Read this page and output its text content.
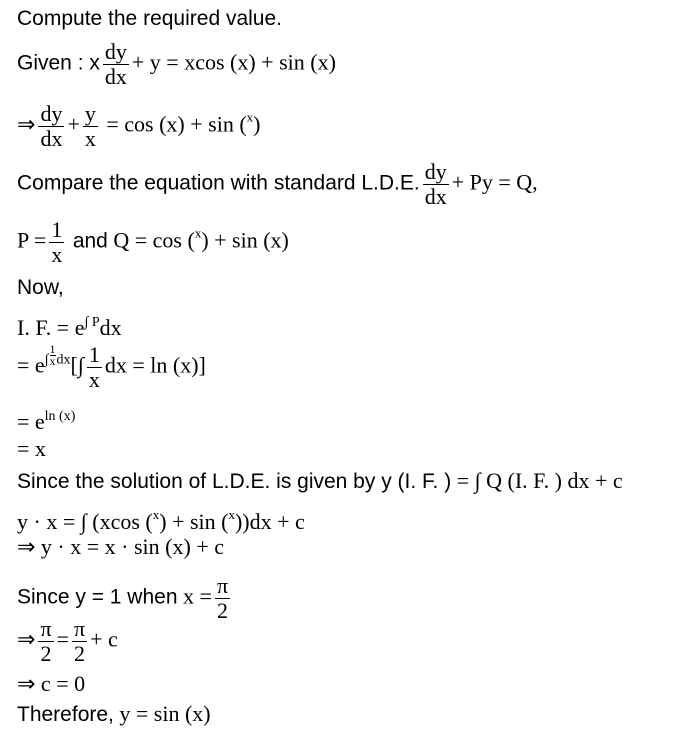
Compute the required value.
Given : x $\frac{dy}{dx} + y = xcos$ (x) + sin (x)
⇒ $\frac{dy}{dx} + \frac{y}{x} = \cos (x) + \sin (^x)$
Compare the equation with standard L.D.E. $\frac{dy}{dx} + Py = Q$,
$P = \frac{1}{x}$ and Q = cos ($^x$) + sin (x)
Now,
I. F. = $e^{\int P}dx$
= $e^\int \frac{1}{x} ^{dx}[\int \frac{1}{x}$ dx = ln (x)]
= $e^{ln (x)}$
= x
Since the solution of L.D.E. is given by y (I. F. ) = ∫ Q (I. F. ) dx + c
y · x = ∫ (xcos ($^x$) + sin ($^x$))dx + c
⇒ y · x = x · sin (x) + c
Since y = 1 when $x = \frac{\pi}{2}$
⇒ $\frac{\pi}{2} = \frac{\pi}{2} + c$
⇒ c = 0
Therefore, y = sin (x)
